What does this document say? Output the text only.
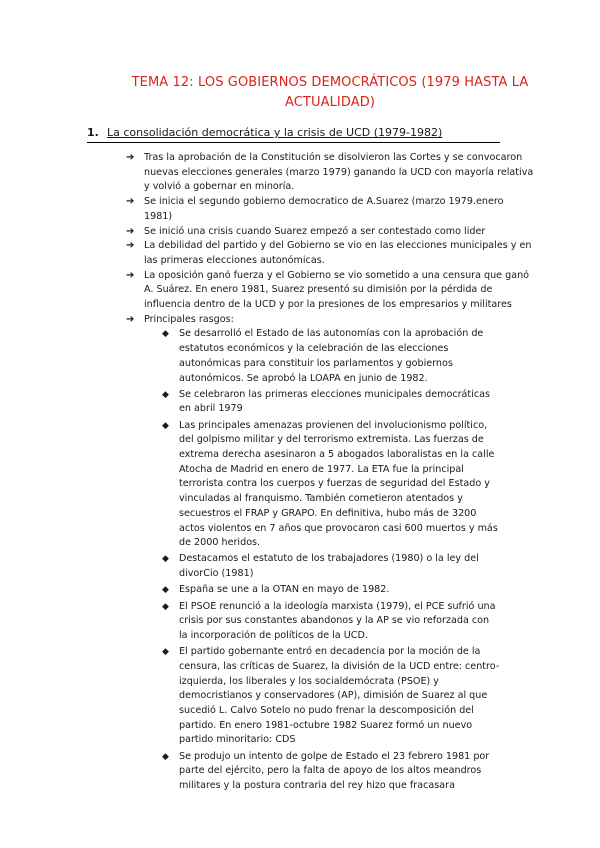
TEMA 12: LOS GOBIERNOS DEMOCRÁTICOS (1979 HASTA LA
ACTUALIDAD)
1. La consolidación democrática y la crisis de UCD (1979-1982)
➔ Tras la aprobación de la Constitución se disolvieron las Cortes y se convocaron nuevas elecciones generales (marzo 1979) ganando la UCD con mayoría relativa y volvió a gobernar en minoría.
➔ Se inicia el segundo gobierno democratico de A.Suarez (marzo 1979.enero 1981)
➔ Se inició una crisis cuando Suarez empezó a ser contestado como lider
➔ La debilidad del partido y del Gobierno se vio en las elecciones municipales y en las primeras elecciones autonómicas.
➔ La oposición ganó fuerza y el Gobierno se vio sometido a una censura que ganó A. Suárez. En enero 1981, Suarez presentó su dimisión por la pérdida de influencia dentro de la UCD y por la presiones de los empresarios y militares
➔ Principales rasgos:
◆ Se desarrolló el Estado de las autonomías con la aprobación de estatutos económicos y la celebración de las elecciones autonómicas para constituir los parlamentos y gobiernos autonómicos. Se aprobó la LOAPA en junio de 1982.
◆ Se celebraron las primeras elecciones municipales democráticas en abril 1979
◆ Las principales amenazas provienen del involucionismo político, del golpismo militar y del terrorismo extremista. Las fuerzas de extrema derecha asesinaron a 5 abogados laboralistas en la calle Atocha de Madrid en enero de 1977. La ETA fue la principal terrorista contra los cuerpos y fuerzas de seguridad del Estado y vinculadas al franquismo. También cometieron atentados y secuestros el FRAP y GRAPO. En definitiva, hubo más de 3200 actos violentos en 7 años que provocaron casi 600 muertos y más de 2000 heridos.
◆ Destacamos el estatuto de los trabajadores (1980) o la ley del divorCio (1981)
◆ España se une a la OTAN en mayo de 1982.
◆ El PSOE renunció a la ideología marxista (1979), el PCE sufrió una crisis por sus constantes abandonos y la AP se vio reforzada con la incorporación de políticos de la UCD.
◆ El partido gobernante entró en decadencia por la moción de la censura, las críticas de Suarez, la división de la UCD entre: centro-izquierda, los liberales y los socialdemócrata (PSOE) y democristianos y conservadores (AP), dimisión de Suarez al que sucedió L. Calvo Sotelo no pudo frenar la descomposición del partido. En enero 1981-octubre 1982 Suarez formó un nuevo partido minoritario: CDS
◆ Se produjo un intento de golpe de Estado el 23 febrero 1981 por parte del ejército, pero la falta de apoyo de los altos meandros militares y la postura contraria del rey hizo que fracasara
